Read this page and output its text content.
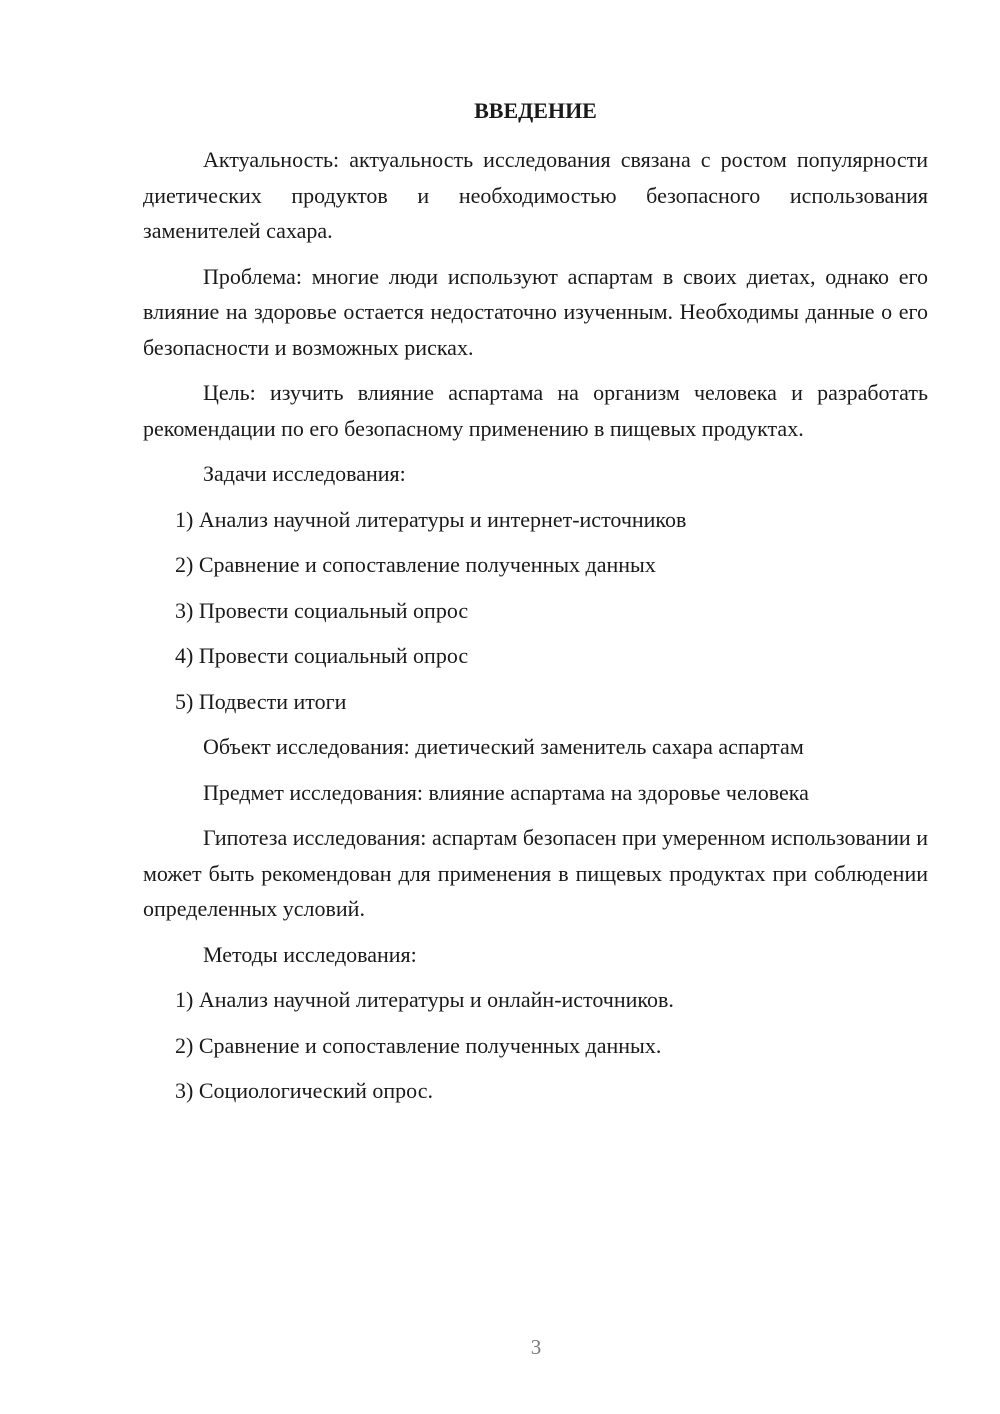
ВВЕДЕНИЕ

Актуальность: актуальность исследования связана с ростом популярности диетических продуктов и необходимостью безопасного использования заменителей сахара.

Проблема: многие люди используют аспартам в своих диетах, однако его влияние на здоровье остается недостаточно изученным. Необходимы данные о его безопасности и возможных рисках.

Цель: изучить влияние аспартама на организм человека и разработать рекомендации по его безопасному применению в пищевых продуктах.

Задачи исследования:

1) Анализ научной литературы и интернет-источников

2) Сравнение и сопоставление полученных данных

3) Провести социальный опрос

4) Провести социальный опрос

5) Подвести итоги

Объект исследования: диетический заменитель сахара аспартам

Предмет исследования: влияние аспартама на здоровье человека

Гипотеза исследования: аспартам безопасен при умеренном использовании и может быть рекомендован для применения в пищевых продуктах при соблюдении определенных условий.

Методы исследования:

1) Анализ научной литературы и онлайн-источников.

2) Сравнение и сопоставление полученных данных.

3) Социологический опрос.

3
